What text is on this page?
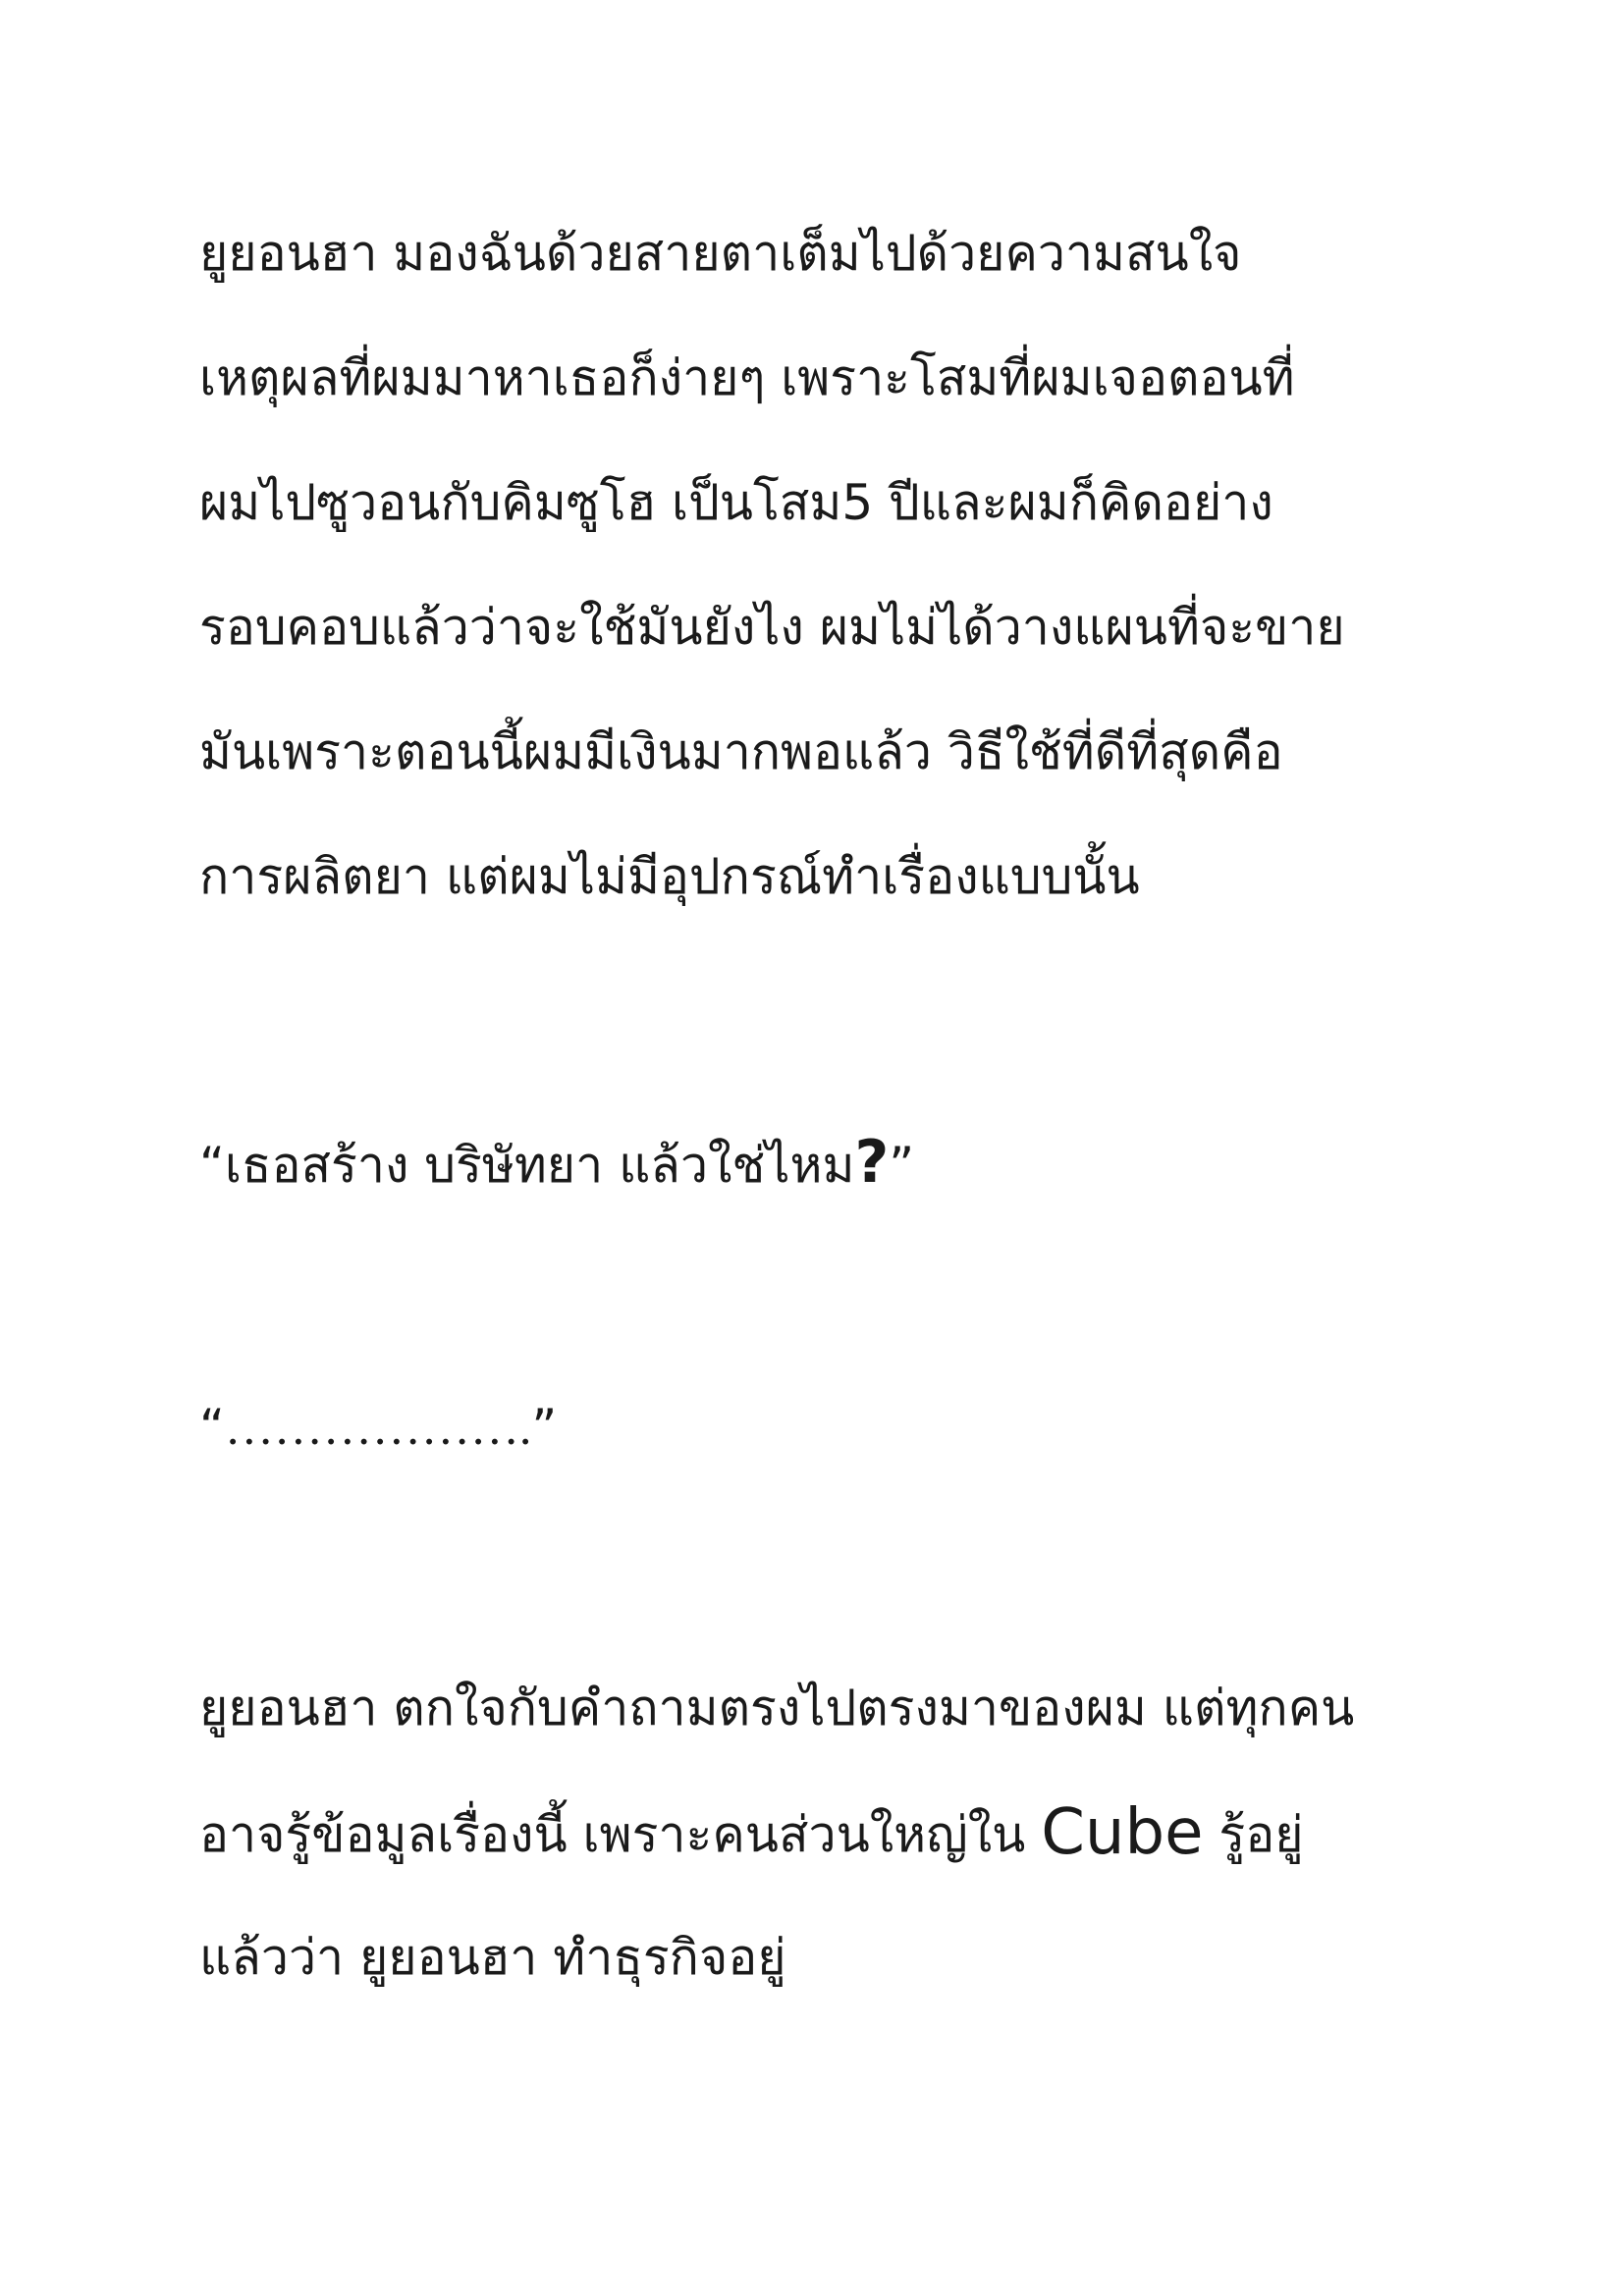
ยูยอนฮา มองฉันด้วยสายตาเต็มไปด้วยความสนใจ
เหตุผลที่ผมมาหาเธอก็ง่ายๆ เพราะโสมที่ผมเจอตอนที่
ผมไปซูวอนกับคิมซูโฮ เป็นโสม5 ปีและผมก็คิดอย่าง
รอบคอบแล้วว่าจะใช้มันยังไง ผมไม่ได้วางแผนที่จะขาย
มันเพราะตอนนี้ผมมีเงินมากพอแล้ว วิธีใช้ที่ดีที่สุดคือ
การผลิตยา แต่ผมไม่มีอุปกรณ์ทำเรื่องแบบนั้น
“เธอสร้าง บริษัทยา แล้วใช่ไหม?”
“……………….”
ยูยอนฮา ตกใจกับคำถามตรงไปตรงมาของผม แต่ทุกคน
อาจรู้ข้อมูลเรื่องนี้ เพราะคนส่วนใหญ่ใน Cube รู้อยู่
แล้วว่า ยูยอนฮา ทำธุรกิจอยู่
